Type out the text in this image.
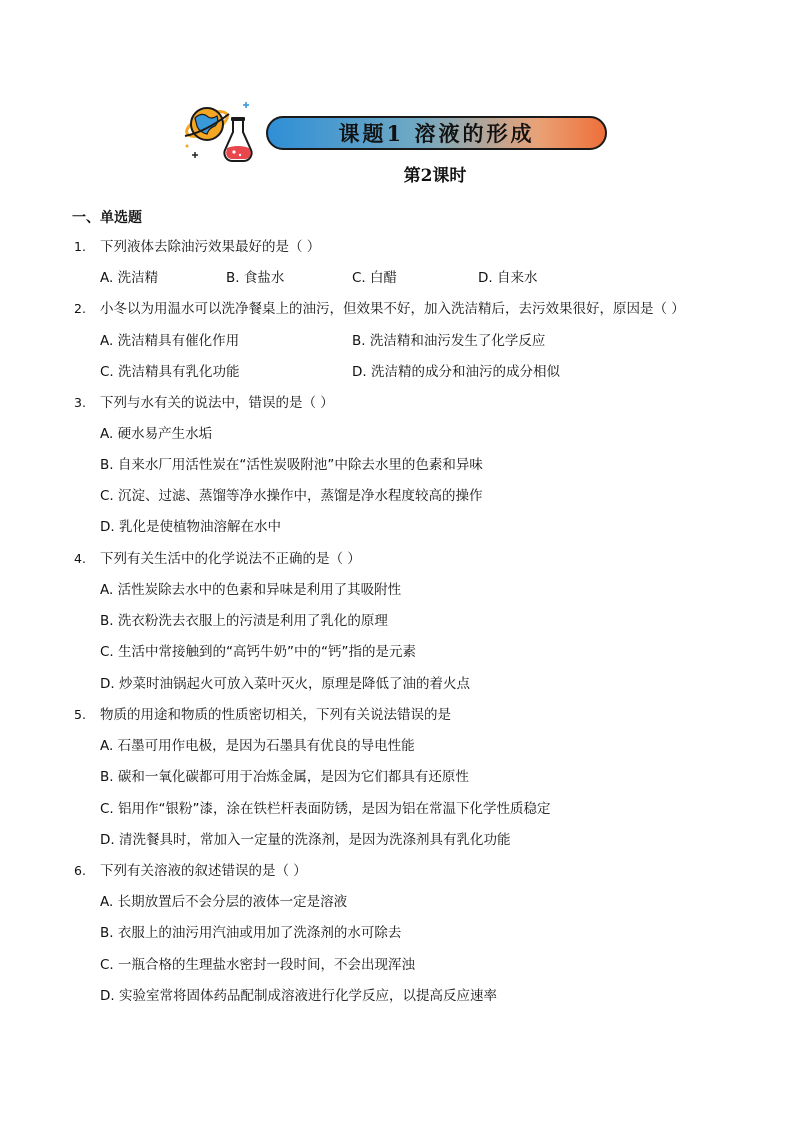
课题1 溶液的形成
第2课时
一、单选题
1. 下列液体去除油污效果最好的是（ ）
A. 洗洁精	B. 食盐水	C. 白醋	D. 自来水
2. 小冬以为用温水可以洗净餐桌上的油污，但效果不好，加入洗洁精后，去污效果很好，原因是（ ）
A. 洗洁精具有催化作用	B. 洗洁精和油污发生了化学反应
C. 洗洁精具有乳化功能	D. 洗洁精的成分和油污的成分相似
3. 下列与水有关的说法中，错误的是（ ）
A. 硬水易产生水垢
B. 自来水厂用活性炭在“活性炭吸附池”中除去水里的色素和异味
C. 沉淀、过滤、蒸馏等净水操作中，蒸馏是净水程度较高的操作
D. 乳化是使植物油溶解在水中
4. 下列有关生活中的化学说法不正确的是（ ）
A. 活性炭除去水中的色素和异味是利用了其吸附性
B. 洗衣粉洗去衣服上的污渍是利用了乳化的原理
C. 生活中常接触到的“高钙牛奶”中的“钙”指的是元素
D. 炒菜时油锅起火可放入菜叶灭火，原理是降低了油的着火点
5. 物质的用途和物质的性质密切相关，下列有关说法错误的是
A. 石墨可用作电极，是因为石墨具有优良的导电性能
B. 碳和一氧化碳都可用于冶炼金属，是因为它们都具有还原性
C. 铝用作“银粉”漆，涂在铁栏杆表面防锈，是因为铝在常温下化学性质稳定
D. 清洗餐具时，常加入一定量的洗涤剂，是因为洗涤剂具有乳化功能
6. 下列有关溶液的叙述错误的是（ ）
A. 长期放置后不会分层的液体一定是溶液
B. 衣服上的油污用汽油或用加了洗涤剂的水可除去
C. 一瓶合格的生理盐水密封一段时间，不会出现浑浊
D. 实验室常将固体药品配制成溶液进行化学反应，以提高反应速率
